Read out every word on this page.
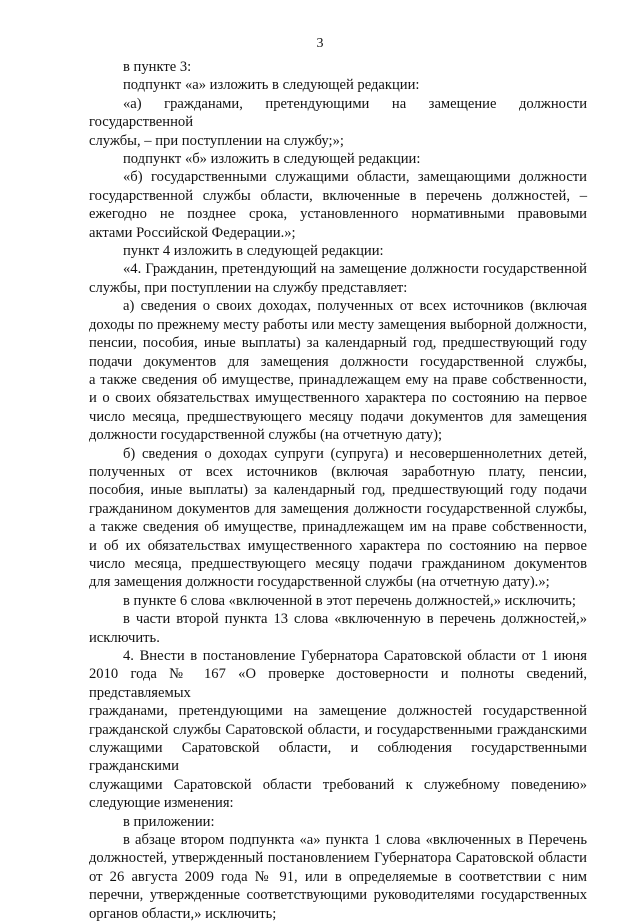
3

в пункте 3:

подпункт «а» изложить в следующей редакции:

«а) гражданами, претендующими на замещение должности государственной

службы, – при поступлении на службу;»;

подпункт «б» изложить в следующей редакции:

«б) государственными служащими области, замещающими должности

государственной службы области, включенные в перечень должностей, –

ежегодно не позднее срока, установленного нормативными правовыми

актами Российской Федерации.»;

пункт 4 изложить в следующей редакции:

«4. Гражданин, претендующий на замещение должности государственной

службы, при поступлении на службу представляет:

а) сведения о своих доходах, полученных от всех источников (включая

доходы по прежнему месту работы или месту замещения выборной должности,

пенсии, пособия, иные выплаты) за календарный год, предшествующий году

подачи документов для замещения должности государственной службы,

а также сведения об имуществе, принадлежащем ему на праве собственности,

и о своих обязательствах имущественного характера по состоянию на первое

число месяца, предшествующего месяцу подачи документов для замещения

должности государственной службы (на отчетную дату);

б) сведения о доходах супруги (супруга) и несовершеннолетних детей,

полученных от всех источников (включая заработную плату, пенсии,

пособия, иные выплаты) за календарный год, предшествующий году подачи

гражданином документов для замещения должности государственной службы,

а также сведения об имуществе, принадлежащем им на праве собственности,

и об их обязательствах имущественного характера по состоянию на первое

число месяца, предшествующего месяцу подачи гражданином документов

для замещения должности государственной службы (на отчетную дату).»;

в пункте 6 слова «включенной в этот перечень должностей,» исключить;

в части второй пункта 13 слова «включенную в перечень должностей,»

исключить.

4. Внести в постановление Губернатора Саратовской области от 1 июня

2010 года № 167 «О проверке достоверности и полноты сведений, представляемых

гражданами, претендующими на замещение должностей государственной

гражданской службы Саратовской области, и государственными гражданскими

служащими Саратовской области, и соблюдения государственными гражданскими

служащими Саратовской области требований к служебному поведению»

следующие изменения:

в приложении:

в абзаце втором подпункта «а» пункта 1 слова «включенных в Перечень

должностей, утвержденный постановлением Губернатора Саратовской области

от 26 августа 2009 года № 91, или в определяемые в соответствии с ним

перечни, утвержденные соответствующими руководителями государственных

органов области,» исключить;
